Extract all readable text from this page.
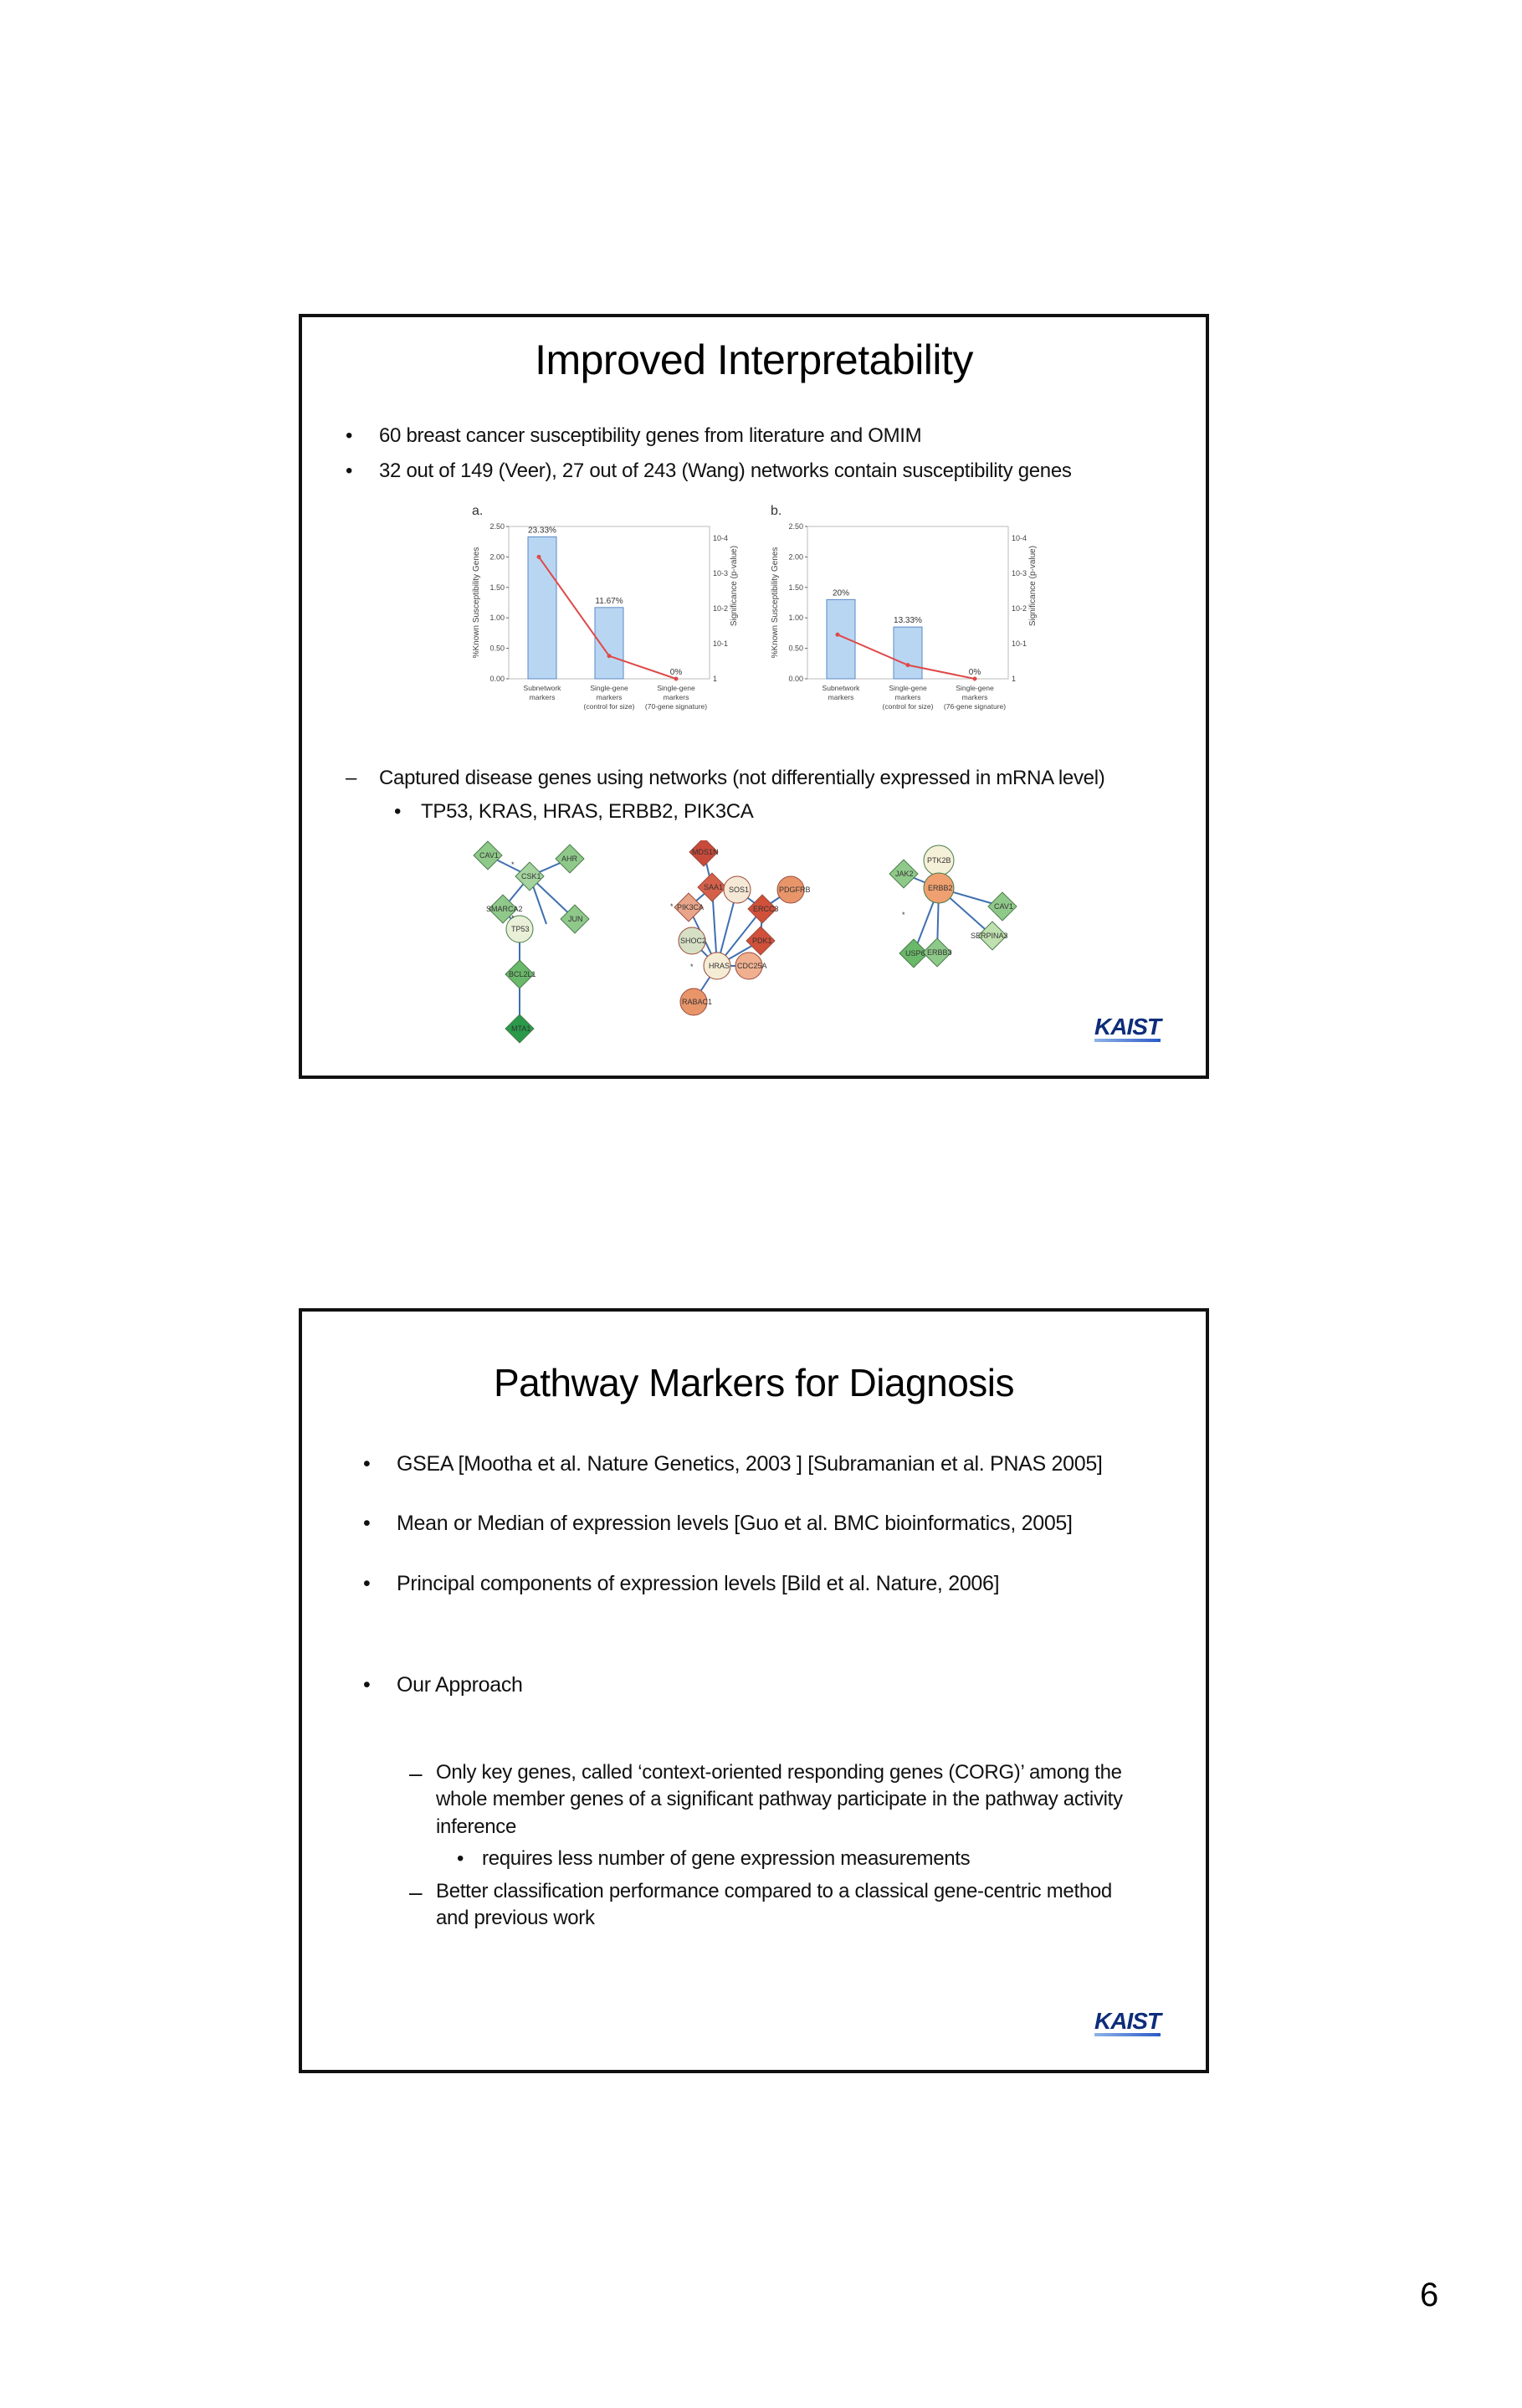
Improved Interpretability
• 60 breast cancer susceptibility genes from literature and OMIM
• 32 out of 149 (Veer), 27 out of 243 (Wang) networks contain susceptibility genes
a.
0.00
0.50
1.00
1.50
2.00
2.50
1
10-1
10-2
10-3
10-4
%Known Susceptibility Genes	Significance (p-value)
23.33%
11.67%
0%
Subnetwork markers
Single-gene markers (control for size)
Single-gene markers (70-gene signature)
b.
0.00
0.50
1.00
1.50
2.00
2.50
1
10-1
10-2
10-3
10-4
%Known Susceptibility Genes	Significance (p-value)
20%
13.33%
0%
Subnetwork markers
Single-gene markers (control for size)
Single-gene markers (76-gene signature)
– Captured disease genes using networks (not differentially expressed in mRNA level)
• TP53, KRAS, HRAS, ERBB2, PIK3CA
CAV1	AHR
CSK1
SMARCA2
TP53
JUN
BCL2L1
MTA1
*
*
MDS1N
SAA1 SOS1
PIK3CA
PDGFRB
ERCC3
SHOC2	PDK1
HRAS CDC25A
RABAC1
*
*
PTK2B
JAK2
ERBB2
CAV1
SERPINA3
USP6 ERBB3
*
KAIST
Pathway Markers for Diagnosis
• GSEA [Mootha et al. Nature Genetics, 2003 ] [Subramanian et al. PNAS 2005]
• Mean or Median of expression levels [Guo et al. BMC bioinformatics, 2005]
• Principal components of expression levels [Bild et al. Nature, 2006]
• Our Approach
– Only key genes, called ‘context-oriented responding genes (CORG)’ among the whole member genes of a significant pathway participate in the pathway activity inference
• requires less number of gene expression measurements
– Better classification performance compared to a classical gene-centric method and previous work
KAIST
6
